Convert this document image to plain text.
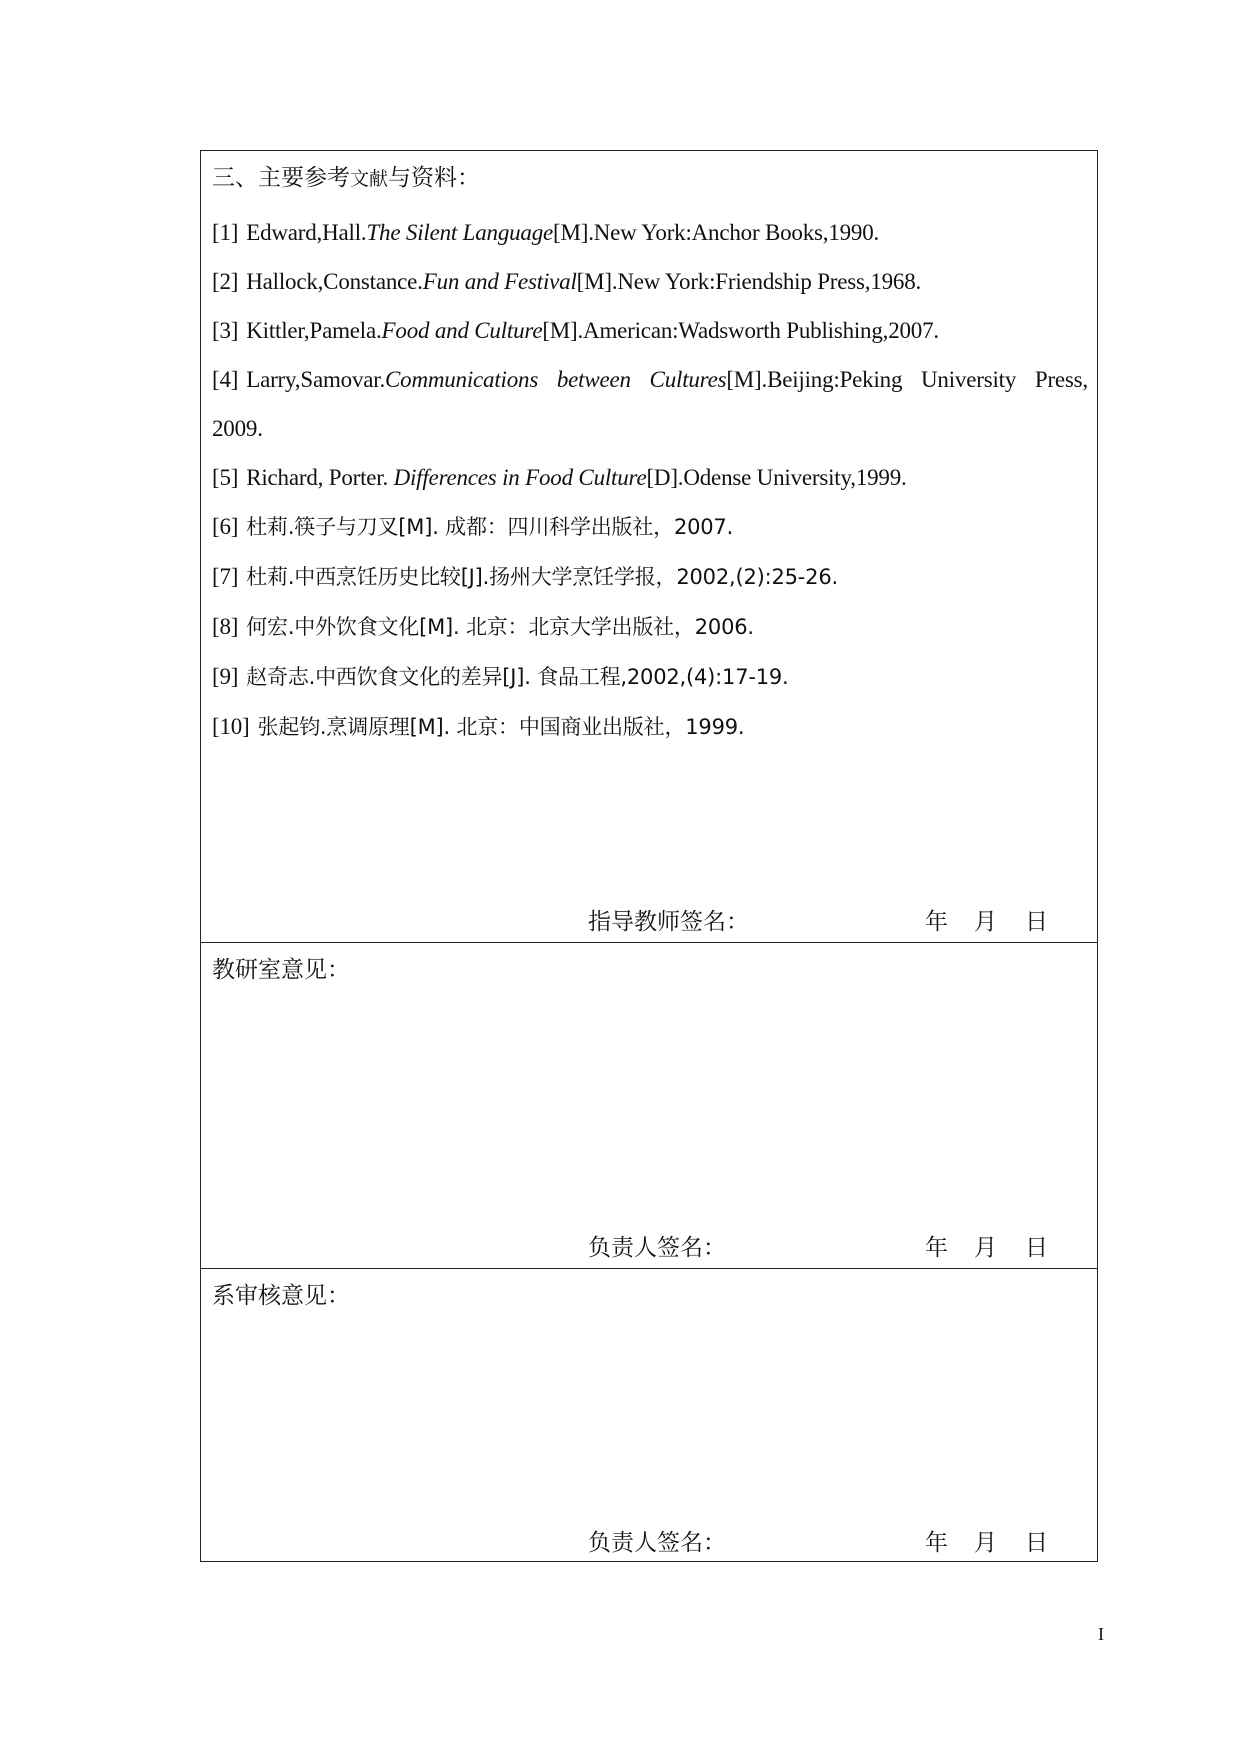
三、主要参考文献与资料：
[1] Edward,Hall.The Silent Language[M].New York:Anchor Books,1990.
[2] Hallock,Constance.Fun and Festival[M].New York:Friendship Press,1968.
[3] Kittler,Pamela.Food and Culture[M].American:Wadsworth Publishing,2007.
[4] Larry,Samovar.Communications between Cultures[M].Beijing:Peking University Press, 2009.
[5] Richard, Porter. Differences in Food Culture[D].Odense University,1999.
[6] 杜莉.筷子与刀叉[M]. 成都：四川科学出版社，2007.
[7] 杜莉.中西烹饪历史比较[J].扬州大学烹饪学报，2002,(2):25-26.
[8] 何宏.中外饮食文化[M]. 北京：北京大学出版社，2006.
[9] 赵奇志.中西饮食文化的差异[J]. 食品工程,2002,(4):17-19.
[10] 张起钧.烹调原理[M]. 北京：中国商业出版社，1999.
指导教师签名：	年 月 日
教研室意见：
负责人签名：	年 月 日
系审核意见：
负责人签名：	年 月 日
I
